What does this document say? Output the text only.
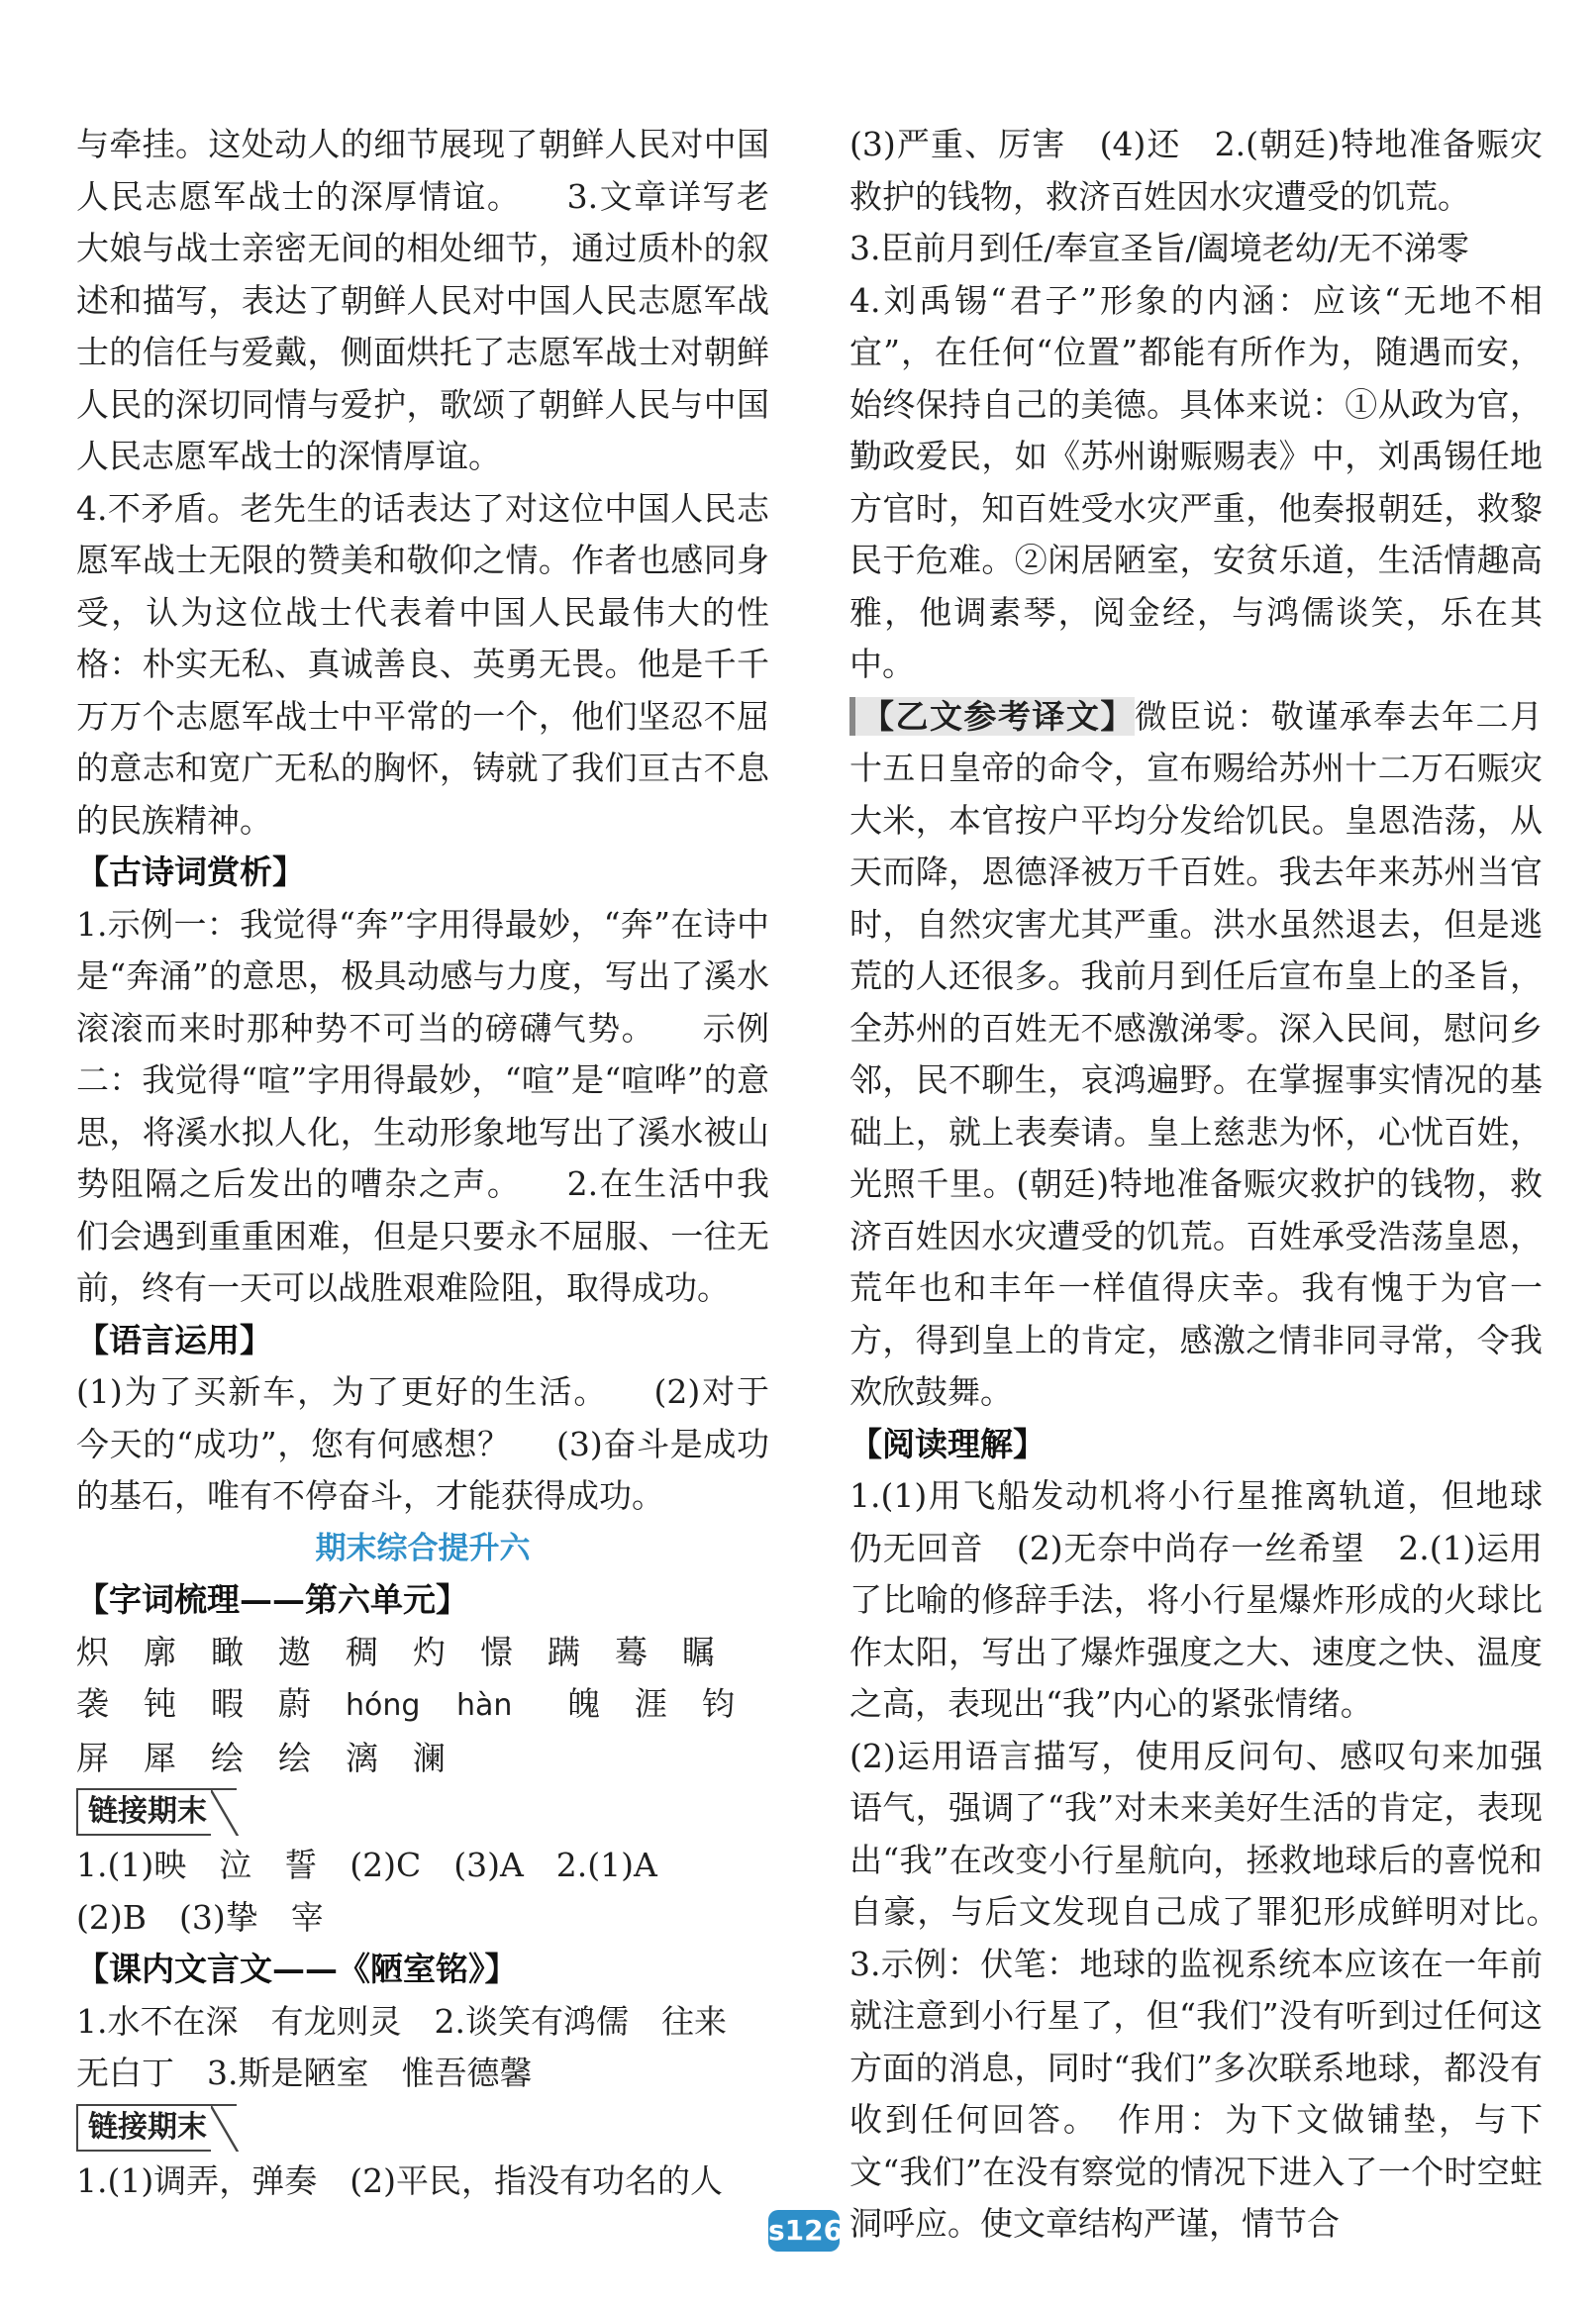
与牵挂。这处动人的细节展现了朝鲜人民对中国人民志愿军战士的深厚情谊。 3.文章详写老大娘与战士亲密无间的相处细节，通过质朴的叙述和描写，表达了朝鲜人民对中国人民志愿军战士的信任与爱戴，侧面烘托了志愿军战士对朝鲜人民的深切同情与爱护，歌颂了朝鲜人民与中国人民志愿军战士的深情厚谊。

4.不矛盾。老先生的话表达了对这位中国人民志愿军战士无限的赞美和敬仰之情。作者也感同身受，认为这位战士代表着中国人民最伟大的性格：朴实无私、真诚善良、英勇无畏。他是千千万万个志愿军战士中平常的一个，他们坚忍不屈的意志和宽广无私的胸怀，铸就了我们亘古不息的民族精神。

【古诗词赏析】

1.示例一：我觉得“奔”字用得最妙，“奔”在诗中是“奔涌”的意思，极具动感与力度，写出了溪水滚滚而来时那种势不可当的磅礴气势。 示例二：我觉得“喧”字用得最妙，“喧”是“喧哗”的意思，将溪水拟人化，生动形象地写出了溪水被山势阻隔之后发出的嘈杂之声。 2.在生活中我们会遇到重重困难，但是只要永不屈服、一往无前，终有一天可以战胜艰难险阻，取得成功。

【语言运用】

(1)为了买新车，为了更好的生活。 (2)对于今天的“成功”，您有何感想？ (3)奋斗是成功的基石，唯有不停奋斗，才能获得成功。

期末综合提升六

【字词梳理——第六单元】

炽 廓 瞰 遨 稠 灼 憬 蹒 蓦 瞩

袭 钝 暇 蔚 hóng hàn 魄 涯 钧

屏 犀 绘 绘 漓 澜

链接期末

1.(1)映　泣　誓　(2)C　(3)A　2.(1)A

(2)B　(3)挚　宰

【课内文言文——《陋室铭》】

1.水不在深　有龙则灵　2.谈笑有鸿儒　往来

无白丁　3.斯是陋室　惟吾德馨

链接期末

1.(1)调弄，弹奏　(2)平民，指没有功名的人

(3)严重、厉害　(4)还　2.(朝廷)特地准备赈灾救护的钱物，救济百姓因水灾遭受的饥荒。

3.臣前月到任/奉宣圣旨/阖境老幼/无不涕零

4.刘禹锡“君子”形象的内涵：应该“无地不相宜”，在任何“位置”都能有所作为，随遇而安，始终保持自己的美德。具体来说：①从政为官，勤政爱民，如《苏州谢赈赐表》中，刘禹锡任地方官时，知百姓受水灾严重，他奏报朝廷，救黎民于危难。②闲居陋室，安贫乐道，生活情趣高雅，他调素琴，阅金经，与鸿儒谈笑，乐在其中。

【乙文参考译文】微臣说：敬谨承奉去年二月十五日皇帝的命令，宣布赐给苏州十二万石赈灾大米，本官按户平均分发给饥民。皇恩浩荡，从天而降，恩德泽被万千百姓。我去年来苏州当官时，自然灾害尤其严重。洪水虽然退去，但是逃荒的人还很多。我前月到任后宣布皇上的圣旨，全苏州的百姓无不感激涕零。深入民间，慰问乡邻，民不聊生，哀鸿遍野。在掌握事实情况的基础上，就上表奏请。皇上慈悲为怀，心忧百姓，光照千里。(朝廷)特地准备赈灾救护的钱物，救济百姓因水灾遭受的饥荒。百姓承受浩荡皇恩，荒年也和丰年一样值得庆幸。我有愧于为官一方，得到皇上的肯定，感激之情非同寻常，令我欢欣鼓舞。

【阅读理解】

1.(1)用飞船发动机将小行星推离轨道，但地球仍无回音　(2)无奈中尚存一丝希望　2.(1)运用了比喻的修辞手法，将小行星爆炸形成的火球比作太阳，写出了爆炸强度之大、速度之快、温度之高，表现出“我”内心的紧张情绪。

(2)运用语言描写，使用反问句、感叹句来加强语气，强调了“我”对未来美好生活的肯定，表现出“我”在改变小行星航向，拯救地球后的喜悦和自豪，与后文发现自己成了罪犯形成鲜明对比。　3.示例：伏笔：地球的监视系统本应该在一年前就注意到小行星了，但“我们”没有听到过任何这方面的消息，同时“我们”多次联系地球，都没有收到任何回答。　作用：为下文做铺垫，与下文“我们”在没有察觉的情况下进入了一个时空蛀洞呼应。使文章结构严谨，情节合

s126
